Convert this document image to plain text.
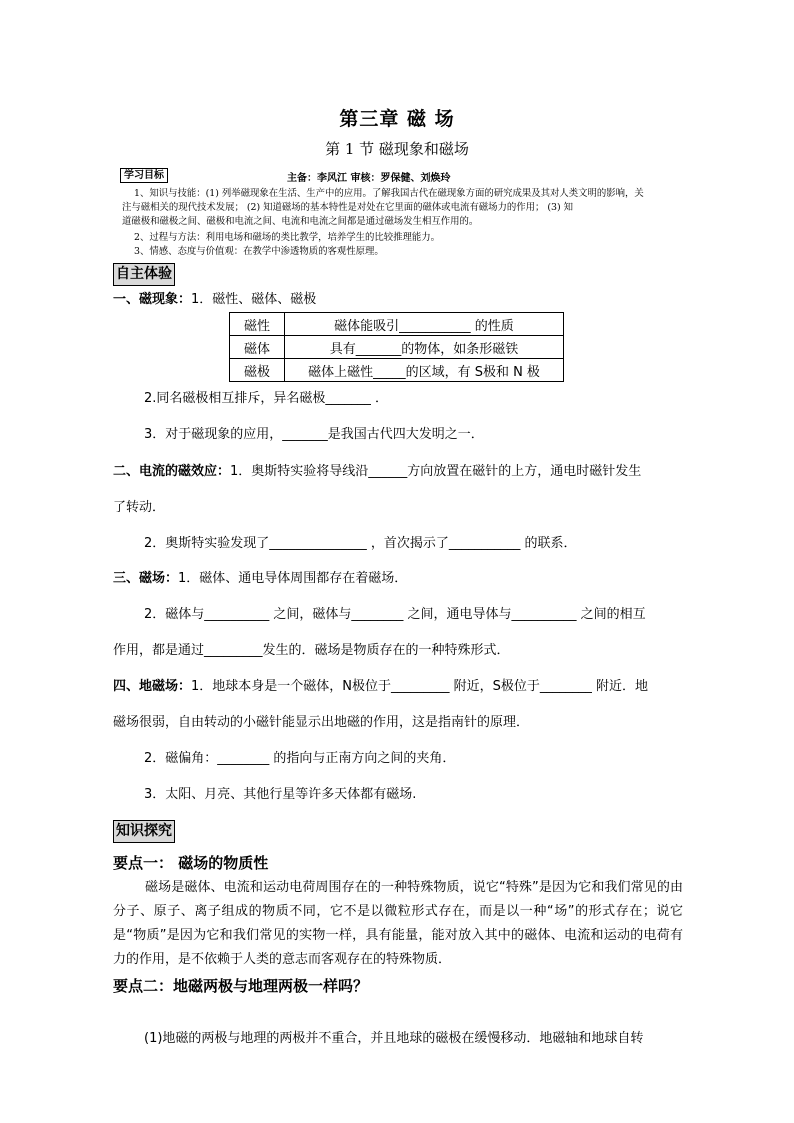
第三章 磁 场
第 1 节 磁现象和磁场
学习目标	主备：李风江 审核：罗保健、刘焕玲
1、知识与技能：(1) 列举磁现象在生活、生产中的应用。了解我国古代在磁现象方面的研究成果及其对人类文明的影响，关
注与磁相关的现代技术发展； (2) 知道磁场的基本特性是对处在它里面的磁体或电流有磁场力的作用； (3) 知
道磁极和磁极之间、磁极和电流之间、电流和电流之间都是通过磁场发生相互作用的。
2、过程与方法：利用电场和磁场的类比教学，培养学生的比较推理能力。
3、情感、态度与价值观：在教学中渗透物质的客观性原理。
自主体验
一、磁现象：1．磁性、磁体、磁极
磁性	磁体能吸引___________ 的性质
磁体	具有_______的物体，如条形磁铁
磁极	磁体上磁性_____的区域，有 S极和 N 极
2.同名磁极相互排斥，异名磁极_______ ．
3．对于磁现象的应用，_______是我国古代四大发明之一．
二、电流的磁效应：1．奥斯特实验将导线沿______方向放置在磁针的上方，通电时磁针发生
了转动．
2．奥斯特实验发现了_______________ ，首次揭示了___________ 的联系．
三、磁场：1．磁体、通电导体周围都存在着磁场．
2．磁体与__________ 之间，磁体与________ 之间，通电导体与__________ 之间的相互
作用，都是通过_________发生的．磁场是物质存在的一种特殊形式．
四、地磁场：1．地球本身是一个磁体，N极位于_________ 附近，S极位于________ 附近．地
磁场很弱，自由转动的小磁针能显示出地磁的作用，这是指南针的原理．
2．磁偏角：________ 的指向与正南方向之间的夹角．
3．太阳、月亮、其他行星等许多天体都有磁场.
知识探究
要点一： 磁场的物质性
磁场是磁体、电流和运动电荷周围存在的一种特殊物质，说它“特殊”是因为它和我们常见的由分子、原子、离子组成的物质不同，它不是以微粒形式存在，而是以一种“场”的形式存在；说它是“物质”是因为它和我们常见的实物一样，具有能量，能对放入其中的磁体、电流和运动的电荷有力的作用，是不依赖于人类的意志而客观存在的特殊物质．
要点二：地磁两极与地理两极一样吗？
(1)地磁的两极与地理的两极并不重合，并且地球的磁极在缓慢移动．地磁轴和地球自转
